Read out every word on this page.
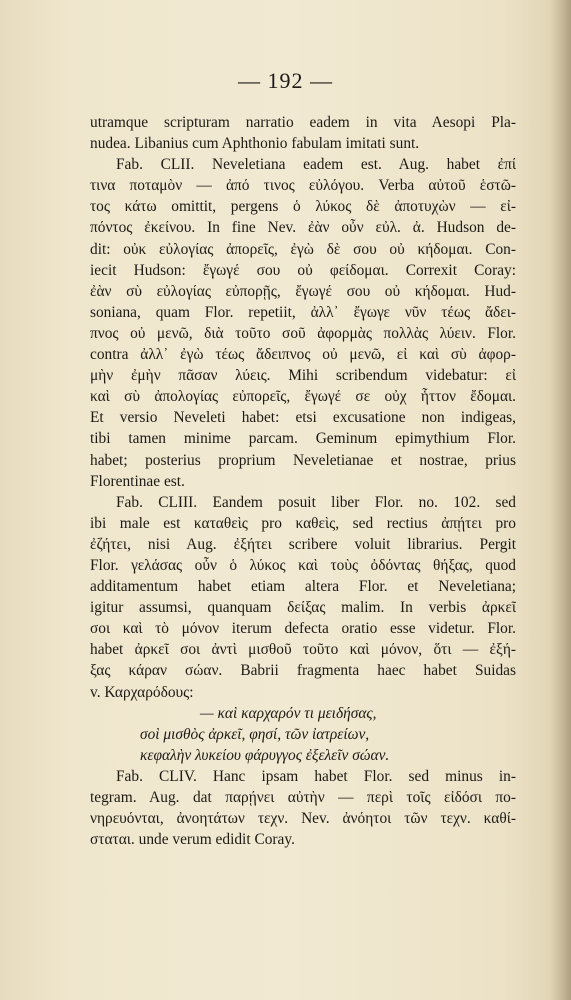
— 192 —
utramque scripturam narratio eadem in vita Aesopi Pla-
nudea. Libanius cum Aphthonio fabulam imitati sunt.
Fab. CLII. Neveletiana eadem est. Aug. habet ἐπί
τινα ποταμὸν — ἀπό τινος εὐλόγου. Verba αὐτοῦ ἑστῶ-
τος κάτω omittit, pergens ὁ λύκος δὲ ἀποτυχὼν — εἰ-
πόντος ἐκείνου. In fine Nev. ἐὰν οὖν εὐλ. ἀ. Hudson de-
dit: οὐκ εὐλογίας ἀπορεῖς, ἐγὼ δὲ σου οὐ κήδομαι. Con-
iecit Hudson: ἔγωγέ σου οὐ φείδομαι. Correxit Coray:
ἐὰν σὺ εὐλογίας εὐπορῇς, ἔγωγέ σου οὐ κήδομαι. Hud-
soniana, quam Flor. repetiit, ἀλλ᾽ ἔγωγε νῦν τέως ἄδει-
πνος οὐ μενῶ, διὰ τοῦτο σοῦ ἀφορμὰς πολλὰς λύειν. Flor.
contra ἀλλ᾽ ἐγὼ τέως ἄδειπνος οὐ μενῶ, εἰ καὶ σὺ ἀφορ-
μὴν ἐμὴν πᾶσαν λύεις. Mihi scribendum videbatur: εἰ
καὶ σὺ ἀπολογίας εὐπορεῖς, ἔγωγέ σε οὐχ ἧττον ἔδομαι.
Et versio Neveleti habet: etsi excusatione non indigeas,
tibi tamen minime parcam. Geminum epimythium Flor.
habet; posterius proprium Neveletianae et nostrae, prius
Florentinae est.
Fab. CLIII. Eandem posuit liber Flor. no. 102. sed
ibi male est καταθεὶς pro καθεὶς, sed rectius ἀπῄτει pro
ἐζήτει, nisi Aug. ἐξήτει scribere voluit librarius. Pergit
Flor. γελάσας οὖν ὁ λύκος καὶ τοὺς ὀδόντας θήξας, quod
additamentum habet etiam altera Flor. et Neveletiana;
igitur assumsi, quanquam δείξας malim. In verbis ἀρκεῖ
σοι καὶ τὸ μόνον iterum defecta oratio esse videtur. Flor.
habet ἀρκεῖ σοι ἀντὶ μισθοῦ τοῦτο καὶ μόνον, ὅτι — ἐξή-
ξας κάραν σώαν. Babrii fragmenta haec habet Suidas
v. Καρχαρόδους:
— καὶ καρχαρόν τι μειδήσας,
σοὶ μισθὸς ἀρκεῖ, φησί, τῶν ἰατρείων,
κεφαλὴν λυκείου φάρυγγος ἐξελεῖν σώαν.
Fab. CLIV. Hanc ipsam habet Flor. sed minus in-
tegram. Aug. dat παρῄνει αὐτὴν — περὶ τοῖς εἰδόσι πο-
νηρευόνται, ἀνοητάτων τεχν. Nev. ἀνόητοι τῶν τεχν. καθί-
σταται. unde verum edidit Coray.
